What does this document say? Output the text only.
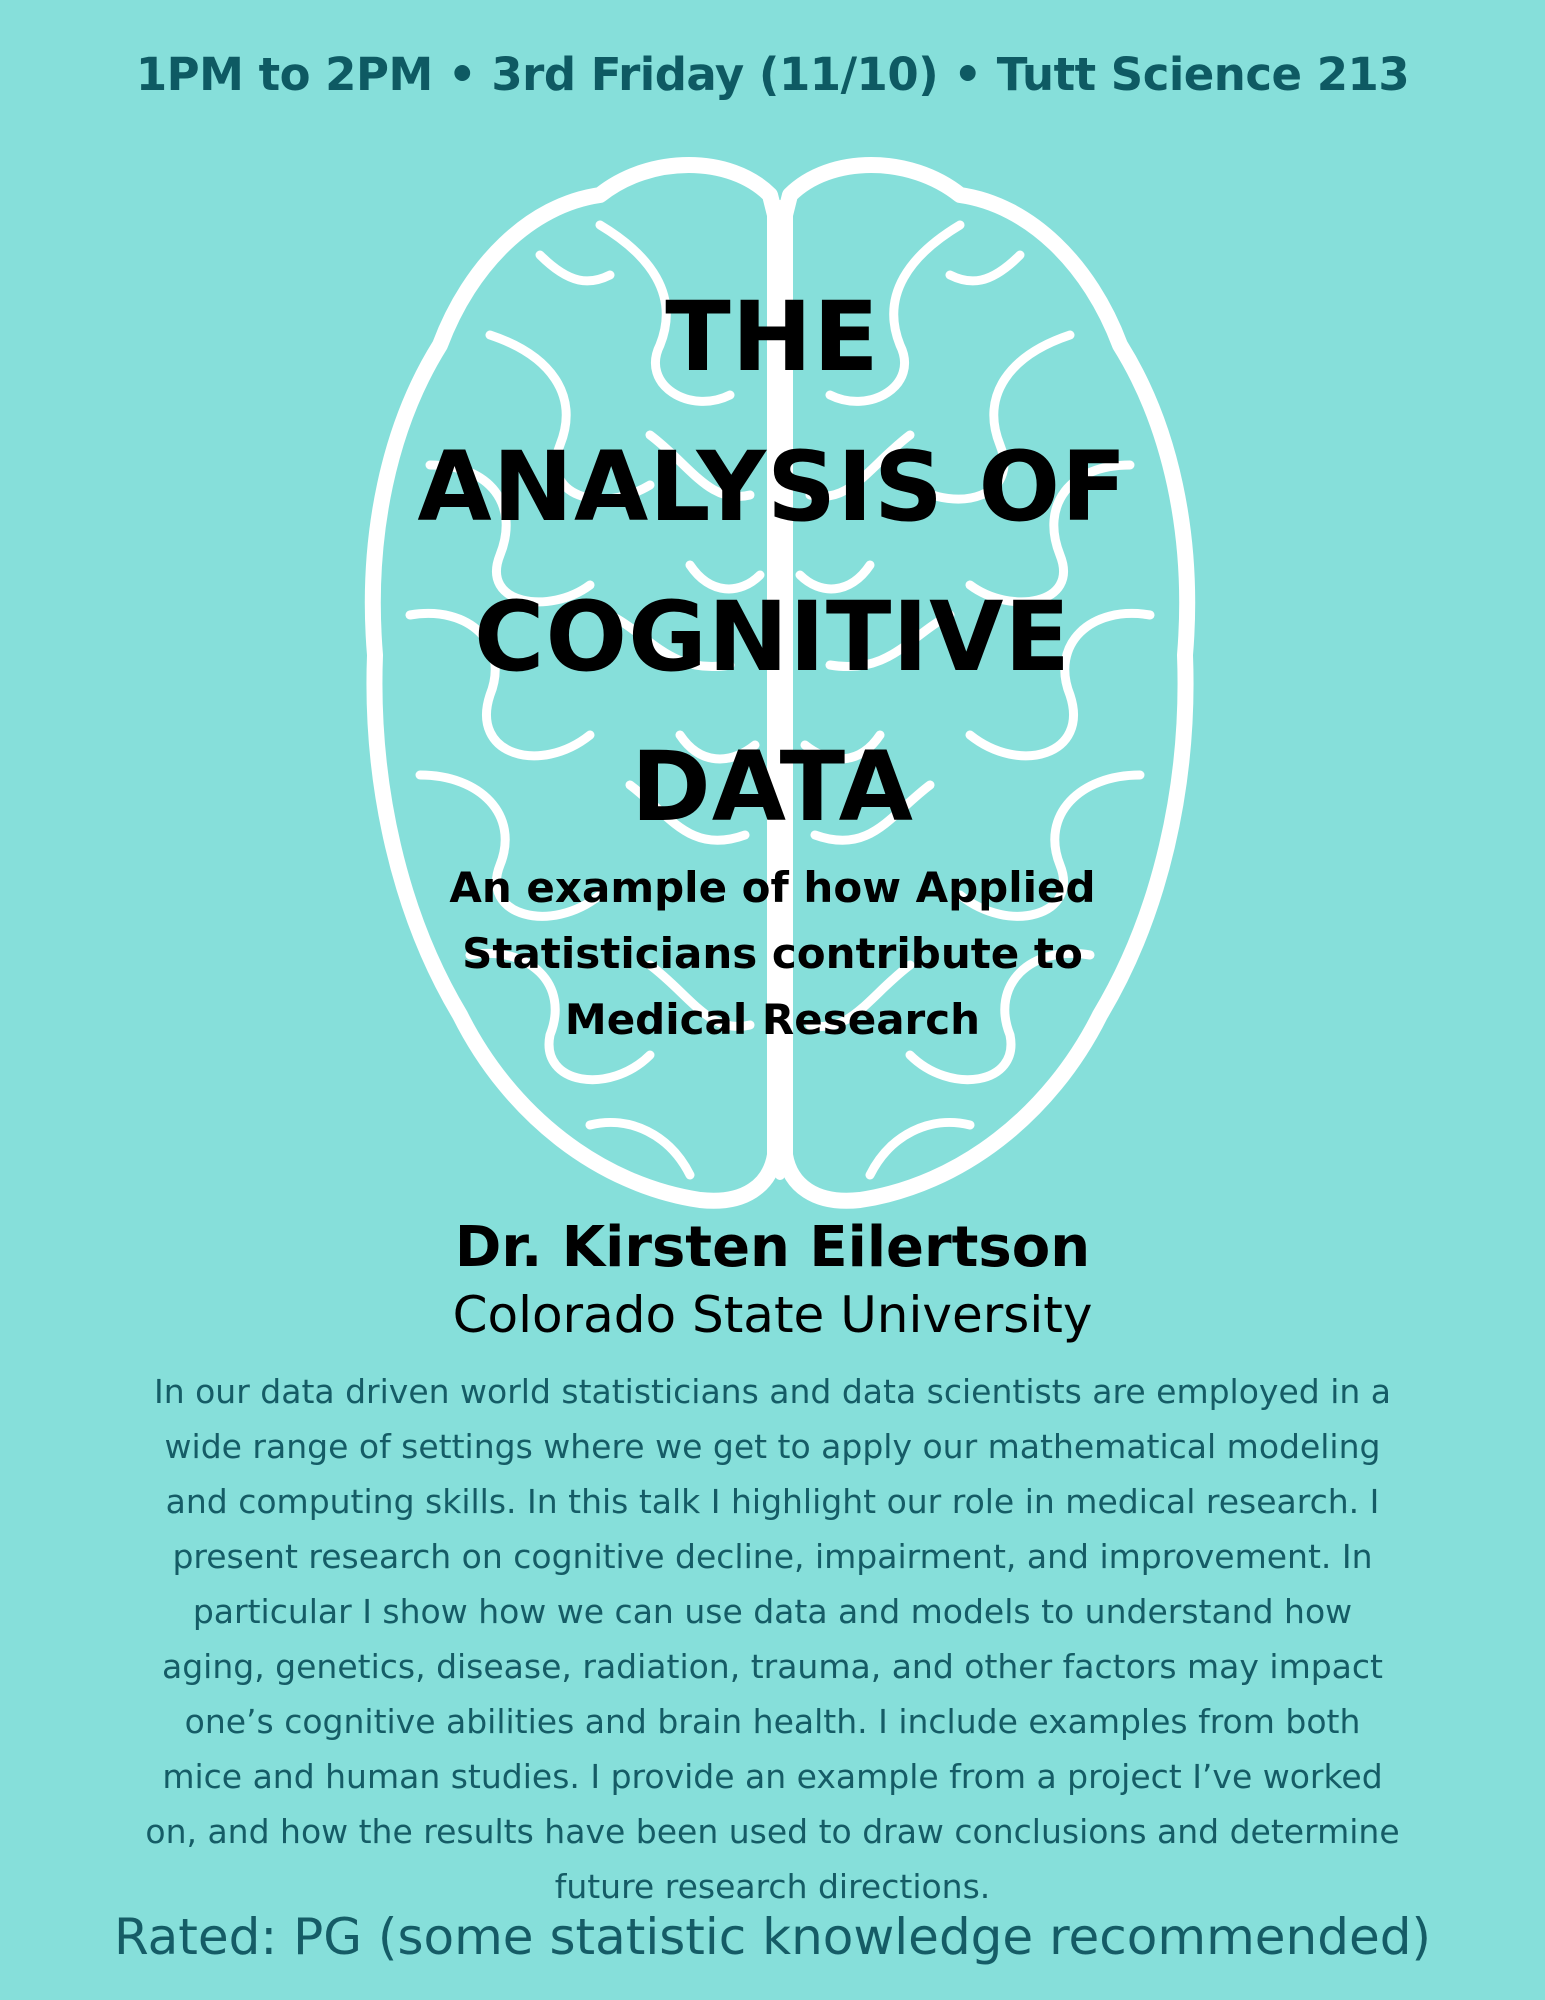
1PM to 2PM • 3rd Friday (11/10) • Tutt Science 213
THE
ANALYSIS OF
COGNITIVE
DATA
An example of how Applied
Statisticians contribute to
Medical Research
Dr. Kirsten Eilertson
Colorado State University
In our data driven world statisticians and data scientists are employed in a
wide range of settings where we get to apply our mathematical modeling
and computing skills. In this talk I highlight our role in medical research. I
present research on cognitive decline, impairment, and improvement. In
particular I show how we can use data and models to understand how
aging, genetics, disease, radiation, trauma, and other factors may impact
one’s cognitive abilities and brain health. I include examples from both
mice and human studies. I provide an example from a project I’ve worked
on, and how the results have been used to draw conclusions and determine
future research directions.
Rated: PG (some statistic knowledge recommended)
